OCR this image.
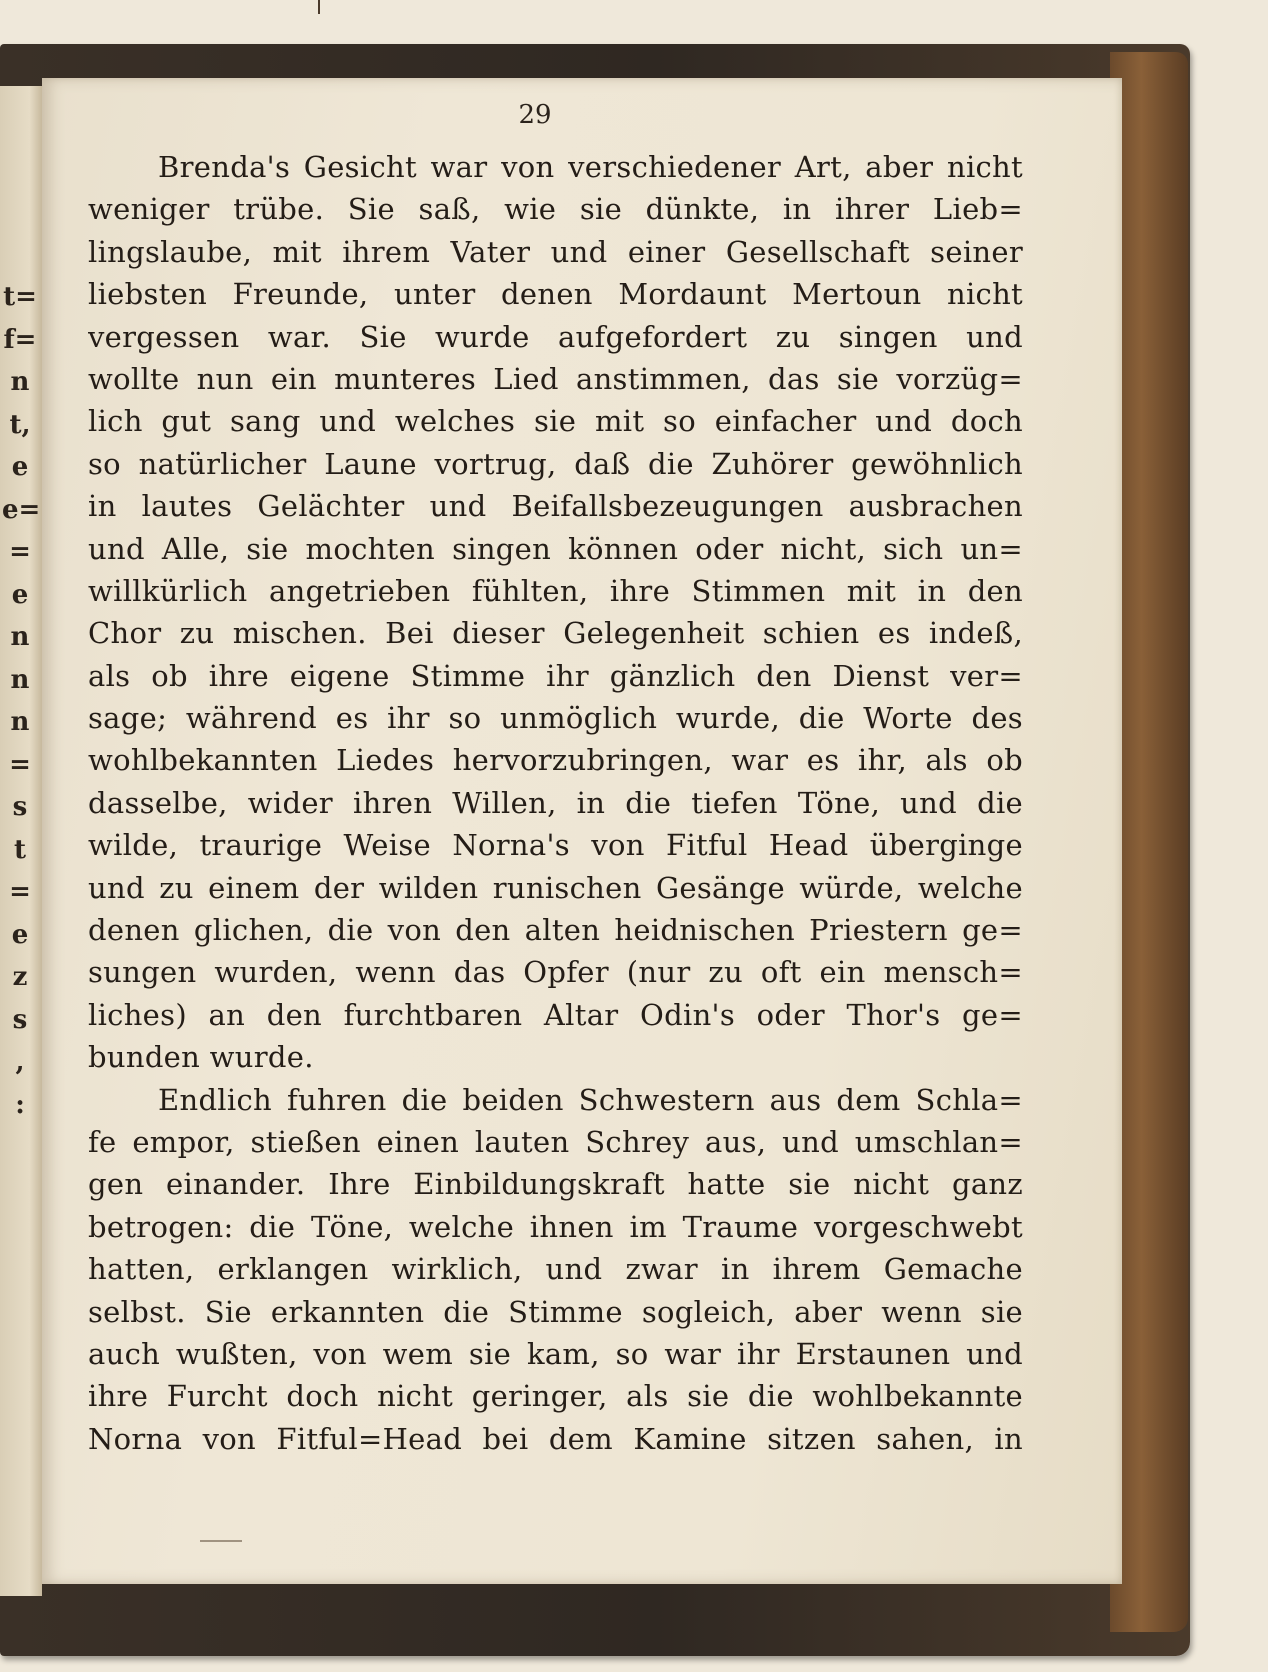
t=
f=
n
t,
e
e=
=
e
n
n
n
=
s
t
=
e
z
s
,
:
29
Brenda's Gesicht war von verschiedener Art, aber nicht
weniger trübe. Sie saß, wie sie dünkte, in ihrer Lieb=
lingslaube, mit ihrem Vater und einer Gesellschaft seiner
liebsten Freunde, unter denen Mordaunt Mertoun nicht
vergessen war. Sie wurde aufgefordert zu singen und
wollte nun ein munteres Lied anstimmen, das sie vorzüg=
lich gut sang und welches sie mit so einfacher und doch
so natürlicher Laune vortrug, daß die Zuhörer gewöhnlich
in lautes Gelächter und Beifallsbezeugungen ausbrachen
und Alle, sie mochten singen können oder nicht, sich un=
willkürlich angetrieben fühlten, ihre Stimmen mit in den
Chor zu mischen. Bei dieser Gelegenheit schien es indeß,
als ob ihre eigene Stimme ihr gänzlich den Dienst ver=
sage; während es ihr so unmöglich wurde, die Worte des
wohlbekannten Liedes hervorzubringen, war es ihr, als ob
dasselbe, wider ihren Willen, in die tiefen Töne, und die
wilde, traurige Weise Norna's von Fitful Head überginge
und zu einem der wilden runischen Gesänge würde, welche
denen glichen, die von den alten heidnischen Priestern ge=
sungen wurden, wenn das Opfer (nur zu oft ein mensch=
liches) an den furchtbaren Altar Odin's oder Thor's ge=
bunden wurde.
Endlich fuhren die beiden Schwestern aus dem Schla=
fe empor, stießen einen lauten Schrey aus, und umschlan=
gen einander. Ihre Einbildungskraft hatte sie nicht ganz
betrogen: die Töne, welche ihnen im Traume vorgeschwebt
hatten, erklangen wirklich, und zwar in ihrem Gemache
selbst. Sie erkannten die Stimme sogleich, aber wenn sie
auch wußten, von wem sie kam, so war ihr Erstaunen und
ihre Furcht doch nicht geringer, als sie die wohlbekannte
Norna von Fitful=Head bei dem Kamine sitzen sahen, in
